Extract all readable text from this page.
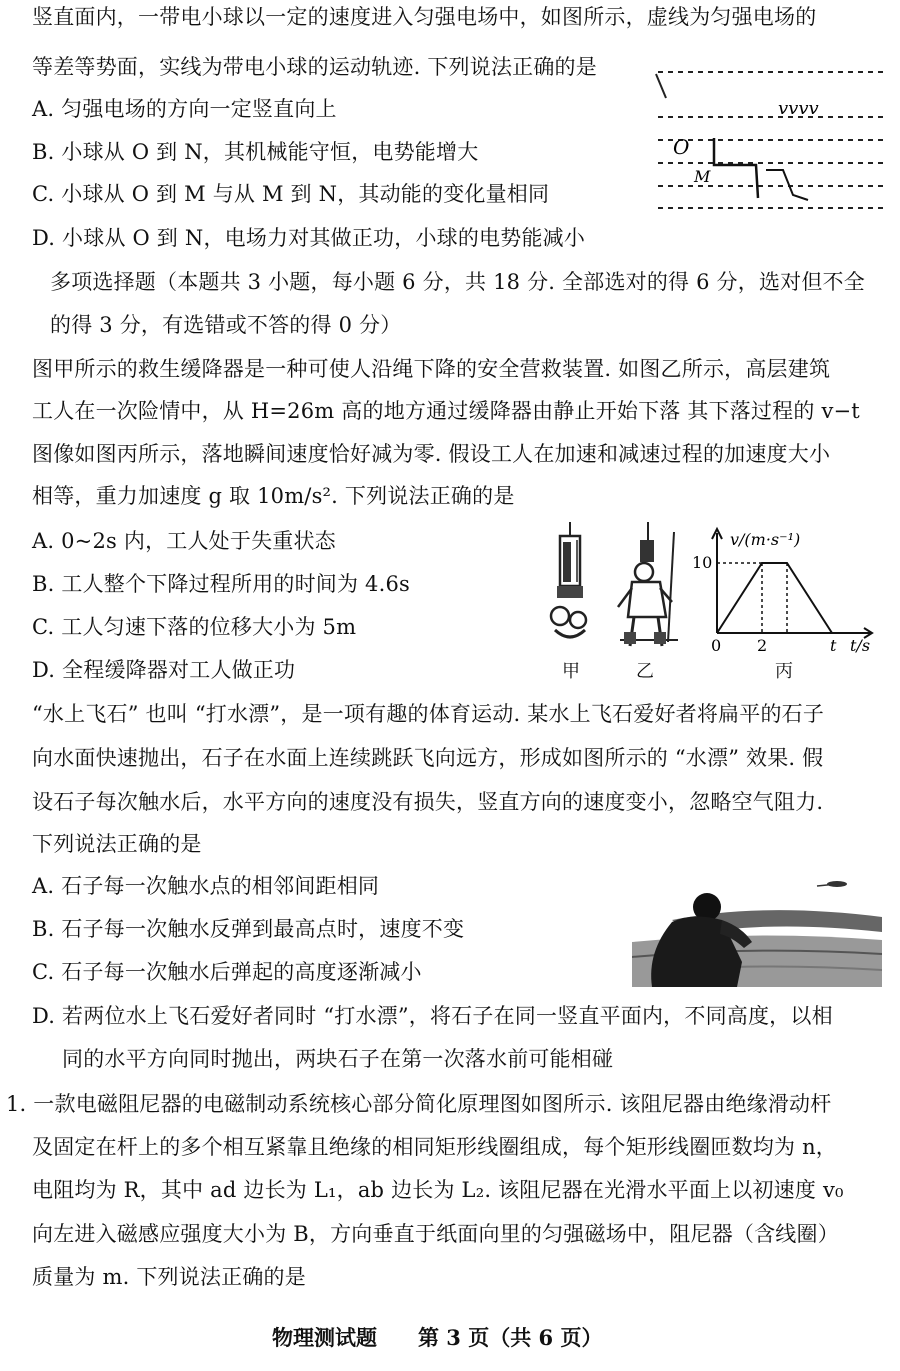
竖直面内，一带电小球以一定的速度进入匀强电场中，如图所示，虚线为匀强电场的
等差等势面，实线为带电小球的运动轨迹. 下列说法正确的是
A. 匀强电场的方向一定竖直向上
B. 小球从 O 到 N，其机械能守恒，电势能增大
C. 小球从 O 到 M 与从 M 到 N，其动能的变化量相同
D. 小球从 O 到 N，电场力对其做正功，小球的电势能减小
O
M
vvvv
多项选择题（本题共 3 小题，每小题 6 分，共 18 分. 全部选对的得 6 分，选对但不全
的得 3 分，有选错或不答的得 0 分）
图甲所示的救生缓降器是一种可使人沿绳下降的安全营救装置. 如图乙所示，高层建筑
工人在一次险情中，从 H=26m 高的地方通过缓降器由静止开始下落 其下落过程的 v−t
图像如图丙所示，落地瞬间速度恰好减为零. 假设工人在加速和减速过程的加速度大小
相等，重力加速度 g 取 10m/s². 下列说法正确的是
A. 0~2s 内，工人处于失重状态
B. 工人整个下降过程所用的时间为 4.6s
C. 工人匀速下落的位移大小为 5m
D. 全程缓降器对工人做正功	甲	乙
v/(m·s⁻¹)
10
0 2	t t/s
丙
“水上飞石” 也叫 “打水漂”，是一项有趣的体育运动. 某水上飞石爱好者将扁平的石子
向水面快速抛出，石子在水面上连续跳跃飞向远方，形成如图所示的 “水漂” 效果. 假
设石子每次触水后，水平方向的速度没有损失，竖直方向的速度变小，忽略空气阻力.
下列说法正确的是
A. 石子每一次触水点的相邻间距相同
B. 石子每一次触水反弹到最高点时，速度不变
C. 石子每一次触水后弹起的高度逐渐减小
D. 若两位水上飞石爱好者同时 “打水漂”，将石子在同一竖直平面内，不同高度，以相
同的水平方向同时抛出，两块石子在第一次落水前可能相碰
1. 一款电磁阻尼器的电磁制动系统核心部分简化原理图如图所示. 该阻尼器由绝缘滑动杆
及固定在杆上的多个相互紧靠且绝缘的相同矩形线圈组成，每个矩形线圈匝数均为 n，
电阻均为 R，其中 ad 边长为 L₁，ab 边长为 L₂. 该阻尼器在光滑水平面上以初速度 v₀
向左进入磁感应强度大小为 B，方向垂直于纸面向里的匀强磁场中，阻尼器（含线圈）
质量为 m. 下列说法正确的是
物理测试题 第 3 页（共 6 页）
